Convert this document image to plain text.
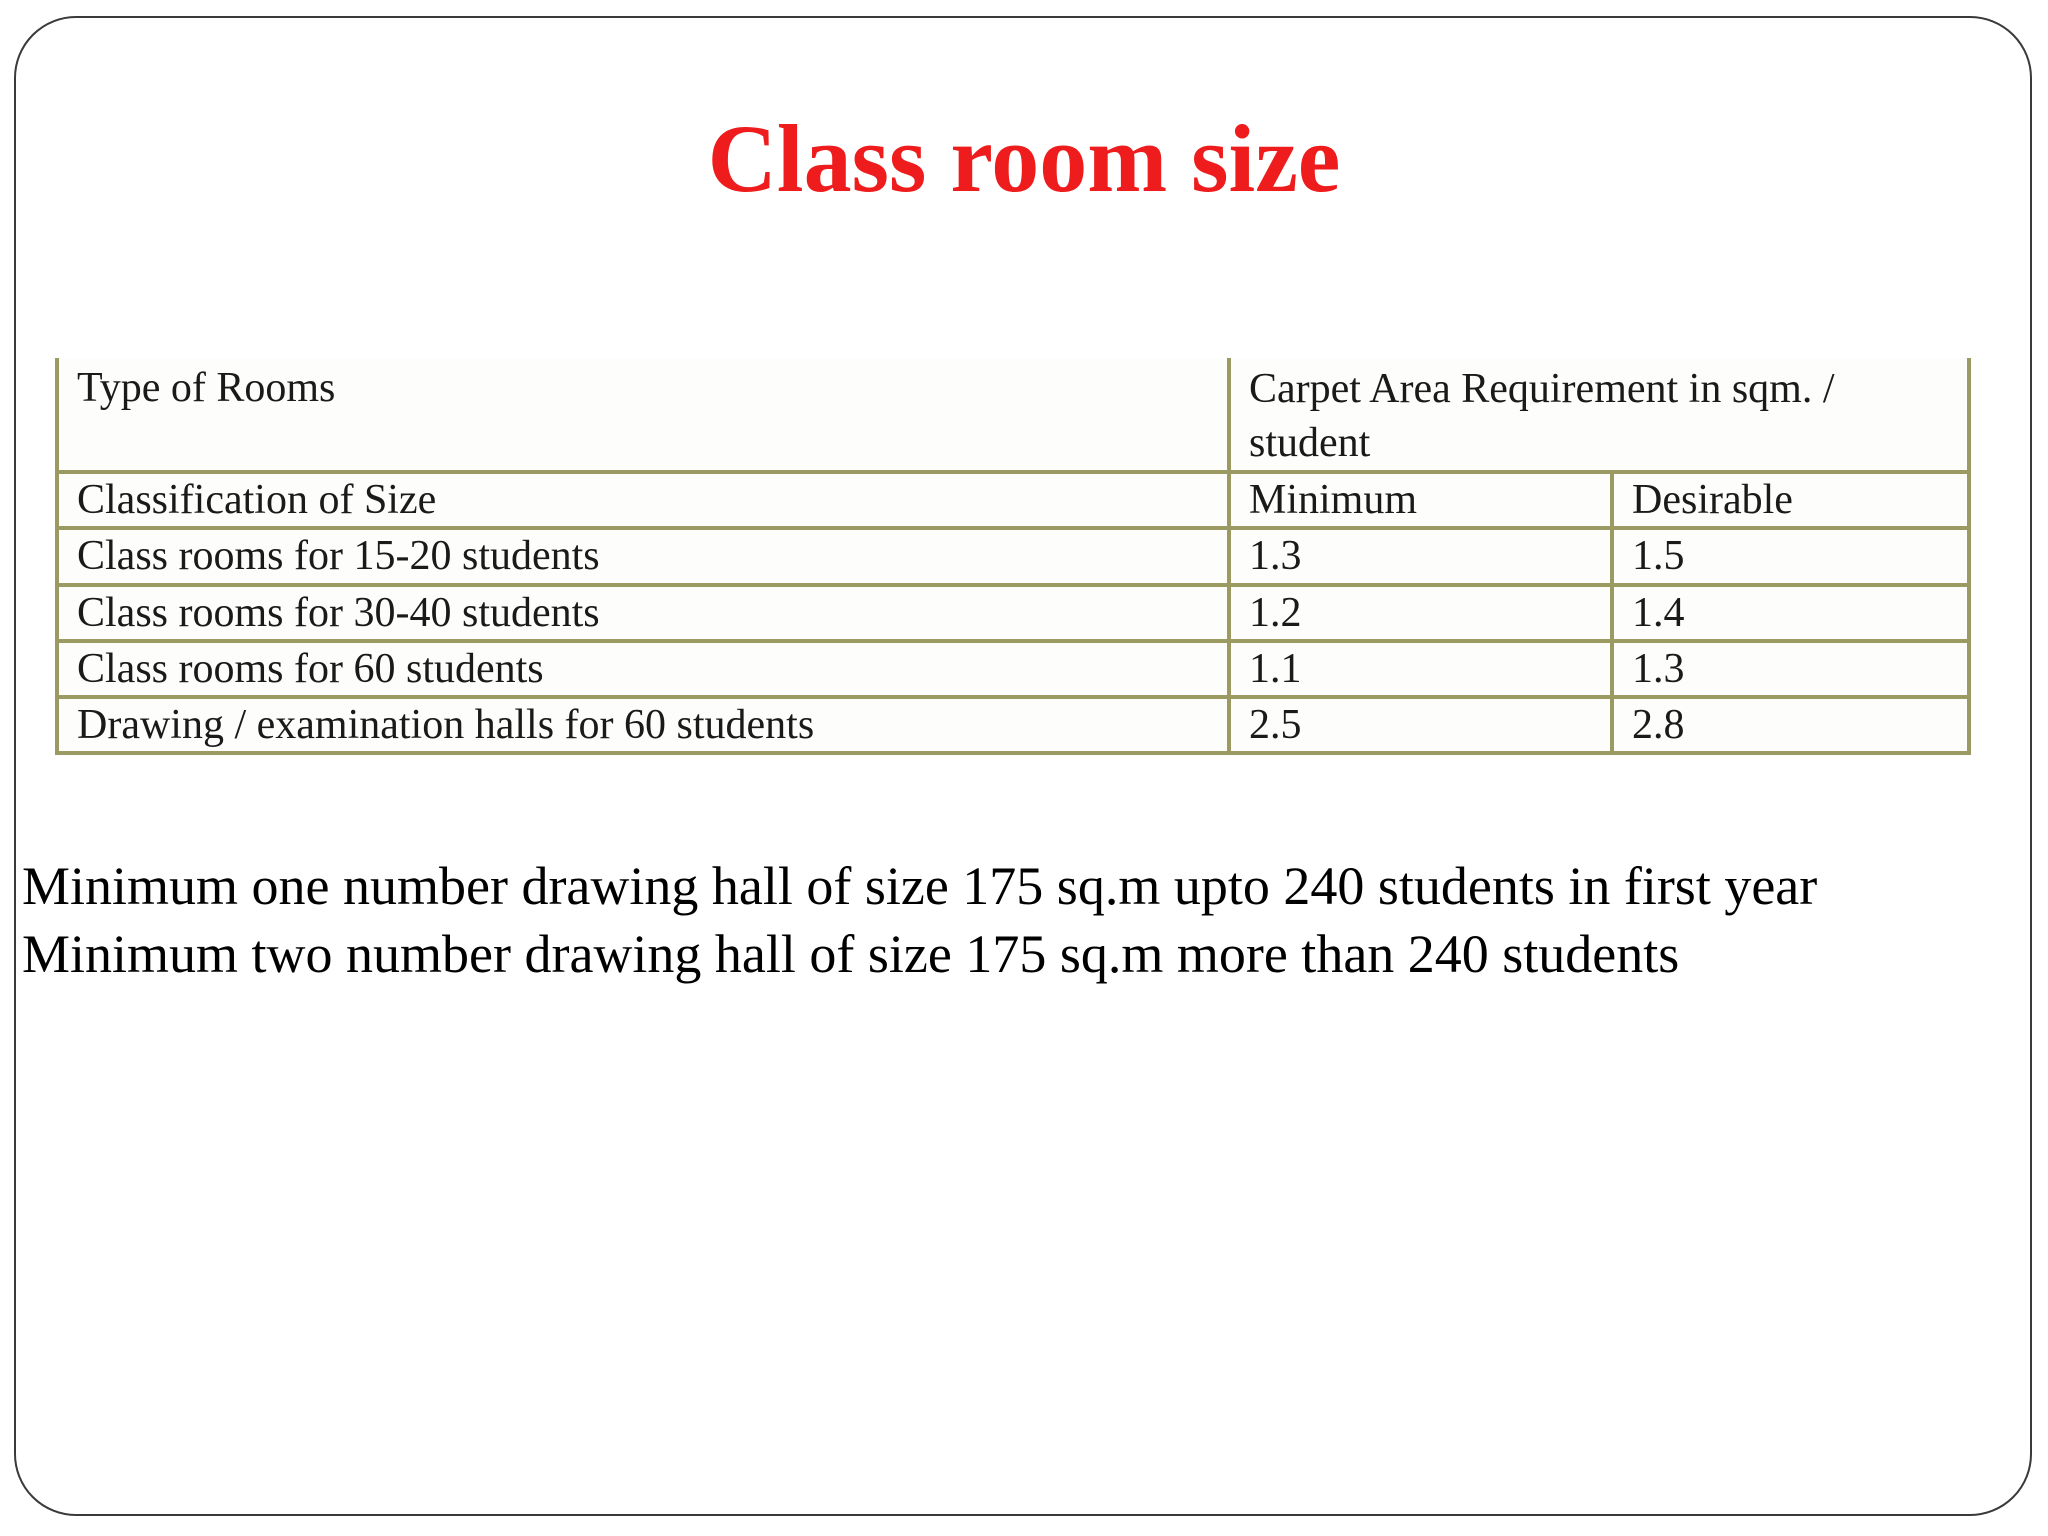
Class room size
Type of Rooms	Carpet Area Requirement in sqm. / student	
Classification of Size	Minimum	Desirable
Class rooms for 15-20 students	1.3	1.5
Class rooms for 30-40 students	1.2	1.4
Class rooms for 60 students	1.1	1.3
Drawing / examination halls for 60 students	2.5	2.8

Minimum one number drawing hall of size 175 sq.m upto 240 students in first year

Minimum two number drawing hall of size 175 sq.m more than 240 students
